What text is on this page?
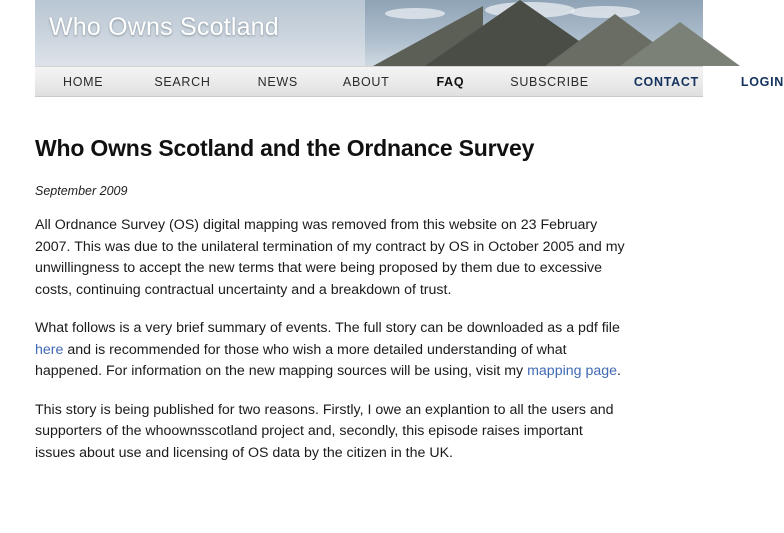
Who Owns Scotland
HOME	SEARCH	NEWS	ABOUT	FAQ	SUBSCRIBE	CONTACT	LOGIN
Who Owns Scotland and the Ordnance Survey

September 2009

All Ordnance Survey (OS) digital mapping was removed from this website on 23 February 2007. This was due to the unilateral termination of my contract by OS in October 2005 and my unwillingness to accept the new terms that were being proposed by them due to excessive costs, continuing contractual uncertainty and a breakdown of trust.

What follows is a very brief summary of events. The full story can be downloaded as a pdf file here and is recommended for those who wish a more detailed understanding of what happened. For information on the new mapping sources will be using, visit my mapping page.

This story is being published for two reasons. Firstly, I owe an explantion to all the users and supporters of the whoownsscotland project and, secondly, this episode raises important issues about use and licensing of OS data by the citizen in the UK.
